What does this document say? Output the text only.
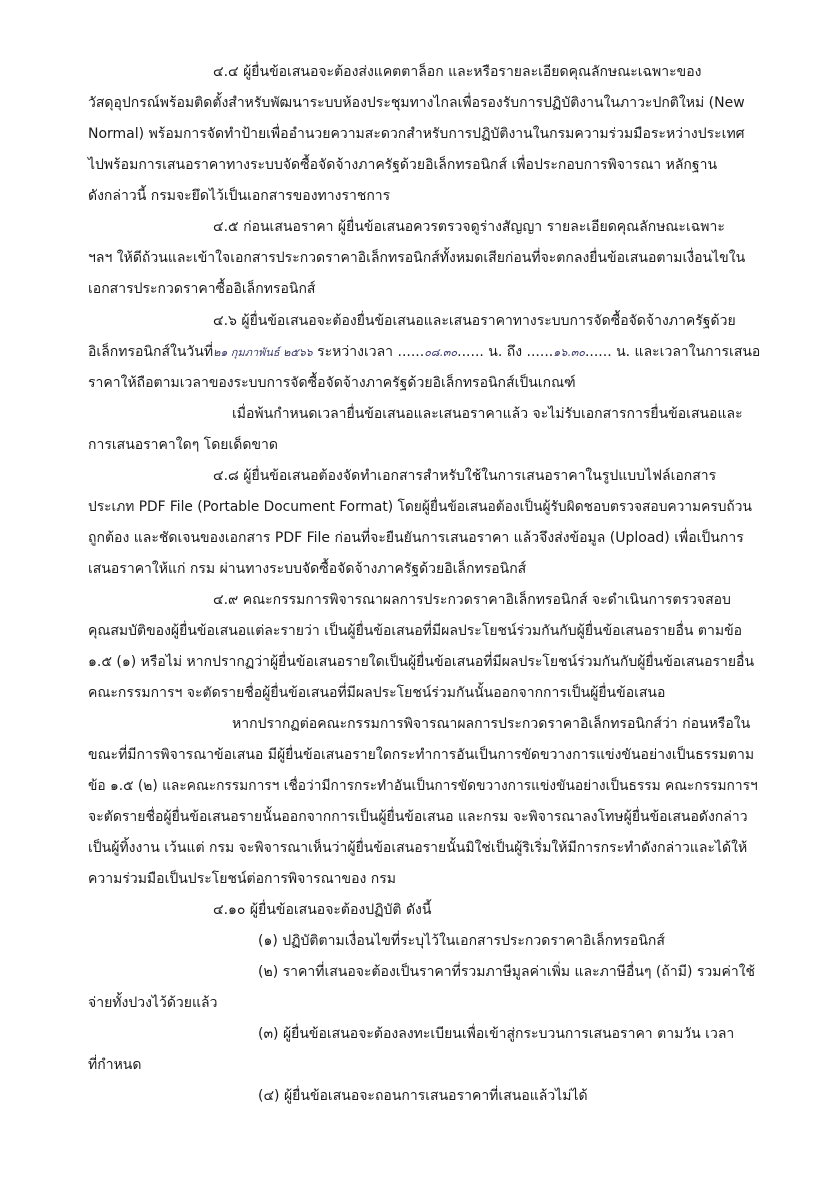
๔.๔ ผู้ยื่นข้อเสนอจะต้องส่งแคตตาล็อก และหรือรายละเอียดคุณลักษณะเฉพาะของ
วัสดุอุปกรณ์พร้อมติดตั้งสำหรับพัฒนาระบบห้องประชุมทางไกลเพื่อรองรับการปฏิบัติงานในภาวะปกติใหม่ (New
Normal) พร้อมการจัดทำป้ายเพื่ออำนวยความสะดวกสำหรับการปฏิบัติงานในกรมความร่วมมือระหว่างประเทศ
ไปพร้อมการเสนอราคาทางระบบจัดซื้อจัดจ้างภาครัฐด้วยอิเล็กทรอนิกส์ เพื่อประกอบการพิจารณา หลักฐาน
ดังกล่าวนี้ กรมจะยึดไว้เป็นเอกสารของทางราชการ
๔.๕ ก่อนเสนอราคา ผู้ยื่นข้อเสนอควรตรวจดูร่างสัญญา รายละเอียดคุณลักษณะเฉพาะ
ฯลฯ ให้ดีถ้วนและเข้าใจเอกสารประกวดราคาอิเล็กทรอนิกส์ทั้งหมดเสียก่อนที่จะตกลงยื่นข้อเสนอตามเงื่อนไขใน
เอกสารประกวดราคาซื้ออิเล็กทรอนิกส์
๔.๖ ผู้ยื่นข้อเสนอจะต้องยื่นข้อเสนอและเสนอราคาทางระบบการจัดซื้อจัดจ้างภาครัฐด้วย
อิเล็กทรอนิกส์ในวันที่๒๑ กุมภาพันธ์ ๒๕๖๖ ระหว่างเวลา ......๐๘.๓๐...... น. ถึง ......๑๖.๓๐...... น. และเวลาในการเสนอ
ราคาให้ถือตามเวลาของระบบการจัดซื้อจัดจ้างภาครัฐด้วยอิเล็กทรอนิกส์เป็นเกณฑ์
เมื่อพ้นกำหนดเวลายื่นข้อเสนอและเสนอราคาแล้ว จะไม่รับเอกสารการยื่นข้อเสนอและ
การเสนอราคาใดๆ โดยเด็ดขาด
๔.๘ ผู้ยื่นข้อเสนอต้องจัดทำเอกสารสำหรับใช้ในการเสนอราคาในรูปแบบไฟล์เอกสาร
ประเภท PDF File (Portable Document Format) โดยผู้ยื่นข้อเสนอต้องเป็นผู้รับผิดชอบตรวจสอบความครบถ้วน
ถูกต้อง และชัดเจนของเอกสาร PDF File ก่อนที่จะยืนยันการเสนอราคา แล้วจึงส่งข้อมูล (Upload) เพื่อเป็นการ
เสนอราคาให้แก่ กรม ผ่านทางระบบจัดซื้อจัดจ้างภาครัฐด้วยอิเล็กทรอนิกส์
๔.๙ คณะกรรมการพิจารณาผลการประกวดราคาอิเล็กทรอนิกส์ จะดำเนินการตรวจสอบ
คุณสมบัติของผู้ยื่นข้อเสนอแต่ละรายว่า เป็นผู้ยื่นข้อเสนอที่มีผลประโยชน์ร่วมกันกับผู้ยื่นข้อเสนอรายอื่น ตามข้อ
๑.๕ (๑) หรือไม่ หากปรากฏว่าผู้ยื่นข้อเสนอรายใดเป็นผู้ยื่นข้อเสนอที่มีผลประโยชน์ร่วมกันกับผู้ยื่นข้อเสนอรายอื่น
คณะกรรมการฯ จะตัดรายชื่อผู้ยื่นข้อเสนอที่มีผลประโยชน์ร่วมกันนั้นออกจากการเป็นผู้ยื่นข้อเสนอ
หากปรากฏต่อคณะกรรมการพิจารณาผลการประกวดราคาอิเล็กทรอนิกส์ว่า ก่อนหรือใน
ขณะที่มีการพิจารณาข้อเสนอ มีผู้ยื่นข้อเสนอรายใดกระทำการอันเป็นการขัดขวางการแข่งขันอย่างเป็นธรรมตาม
ข้อ ๑.๕ (๒) และคณะกรรมการฯ เชื่อว่ามีการกระทำอันเป็นการขัดขวางการแข่งขันอย่างเป็นธรรม คณะกรรมการฯ
จะตัดรายชื่อผู้ยื่นข้อเสนอรายนั้นออกจากการเป็นผู้ยื่นข้อเสนอ และกรม จะพิจารณาลงโทษผู้ยื่นข้อเสนอดังกล่าว
เป็นผู้ทิ้งงาน เว้นแต่ กรม จะพิจารณาเห็นว่าผู้ยื่นข้อเสนอรายนั้นมิใช่เป็นผู้ริเริ่มให้มีการกระทำดังกล่าวและได้ให้
ความร่วมมือเป็นประโยชน์ต่อการพิจารณาของ กรม
๔.๑๐ ผู้ยื่นข้อเสนอจะต้องปฏิบัติ ดังนี้
(๑) ปฏิบัติตามเงื่อนไขที่ระบุไว้ในเอกสารประกวดราคาอิเล็กทรอนิกส์
(๒) ราคาที่เสนอจะต้องเป็นราคาที่รวมภาษีมูลค่าเพิ่ม และภาษีอื่นๆ (ถ้ามี) รวมค่าใช้
จ่ายทั้งปวงไว้ด้วยแล้ว
(๓) ผู้ยื่นข้อเสนอจะต้องลงทะเบียนเพื่อเข้าสู่กระบวนการเสนอราคา ตามวัน เวลา
ที่กำหนด
(๔) ผู้ยื่นข้อเสนอจะถอนการเสนอราคาที่เสนอแล้วไม่ได้
